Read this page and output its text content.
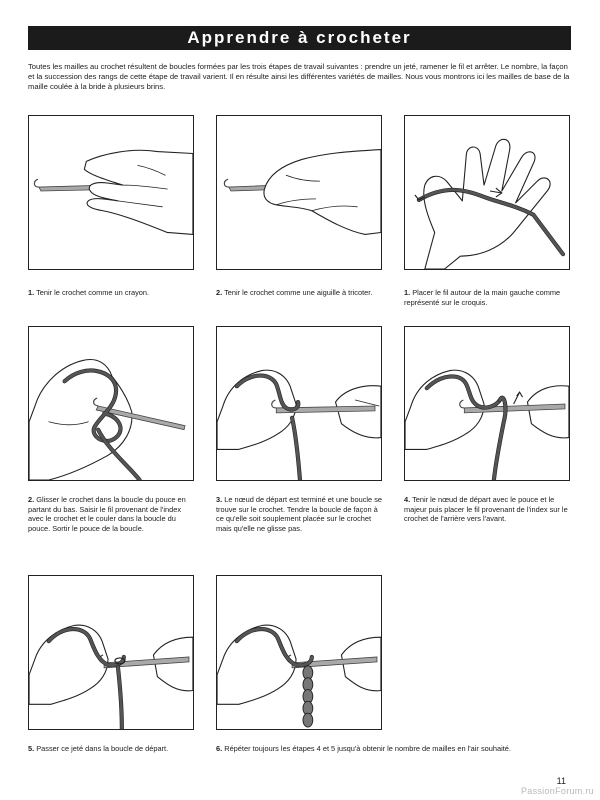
Apprendre à crocheter
Toutes les mailles au crochet résultent de boucles formées par les trois étapes de travail suivantes : prendre un jeté, ramener le fil et arrêter. Le nombre, la façon et la succession des rangs de cette étape de travail varient. Il en résulte ainsi les différentes variétés de mailles. Nous vous montrons ici les mailles de base de la maille coulée à la bride à plusieurs brins.
1. Tenir le crochet comme un crayon.	2. Tenir le crochet comme une aiguille à tricoter.	1. Placer le fil autour de la main gauche comme représenté sur le croquis.
2. Glisser le crochet dans la boucle du pouce en partant du bas. Saisir le fil provenant de l'index avec le crochet et le couler dans la boucle du pouce. Sortir le pouce de la boucle.
3. Le nœud de départ est terminé et une boucle se trouve sur le crochet. Tendre la boucle de façon à ce qu'elle soit souplement placée sur le crochet mais qu'elle ne glisse pas.
4. Tenir le nœud de départ avec le pouce et le majeur puis placer le fil provenant de l'index sur le crochet de l'arrière vers l'avant.
5. Passer ce jeté dans la boucle de départ.	6. Répéter toujours les étapes 4 et 5 jusqu'à obtenir le nombre de mailles en l'air souhaité.
11
PassionForum.ru
